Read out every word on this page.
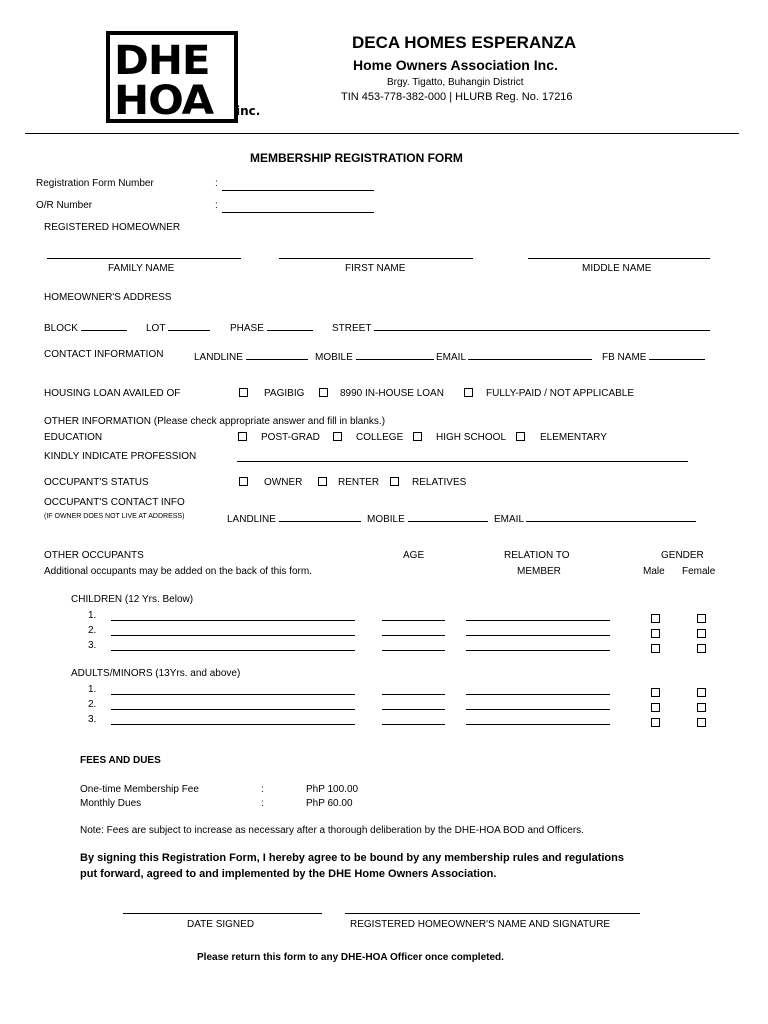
DHE
HOA inc.
DECA HOMES ESPERANZA
Home Owners Association Inc.
Brgy. Tigatto, Buhangin District
TIN 453-778-382-000 | HLURB Reg. No. 17216
MEMBERSHIP REGISTRATION FORM
Registration Form Number	:
O/R Number	:
REGISTERED HOMEOWNER
FAMILY NAME	FIRST NAME	MIDDLE NAME
HOMEOWNER'S ADDRESS
BLOCK	LOT	PHASE	STREET
CONTACT INFORMATION	LANDLINE	MOBILE	EMAIL	FB NAME
HOUSING LOAN AVAILED OF	PAGIBIG	8990 IN-HOUSE LOAN	FULLY-PAID / NOT APPLICABLE
OTHER INFORMATION (Please check appropriate answer and fill in blanks.)
EDUCATION	POST-GRAD	COLLEGE	HIGH SCHOOL	ELEMENTARY
KINDLY INDICATE PROFESSION
OCCUPANT'S STATUS	OWNER	RENTER	RELATIVES
OCCUPANT'S CONTACT INFO
(IF OWNER DOES NOT LIVE AT ADDRESS)	LANDLINE	MOBILE	EMAIL
OTHER OCCUPANTS
Additional occupants may be added on the back of this form.
AGE	RELATION TO
MEMBER
GENDER
Male Female
CHILDREN (12 Yrs. Below)
1.
2.
3.
ADULTS/MINORS (13Yrs. and above)
1.
2.
3.
FEES AND DUES
One-time Membership Fee	:	PhP 100.00
Monthly Dues	:	PhP 60.00
Note: Fees are subject to increase as necessary after a thorough deliberation by the DHE-HOA BOD and Officers.
By signing this Registration Form, I hereby agree to be bound by any membership rules and regulations
put forward, agreed to and implemented by the DHE Home Owners Association.
DATE SIGNED	REGISTERED HOMEOWNER'S NAME AND SIGNATURE
Please return this form to any DHE-HOA Officer once completed.
